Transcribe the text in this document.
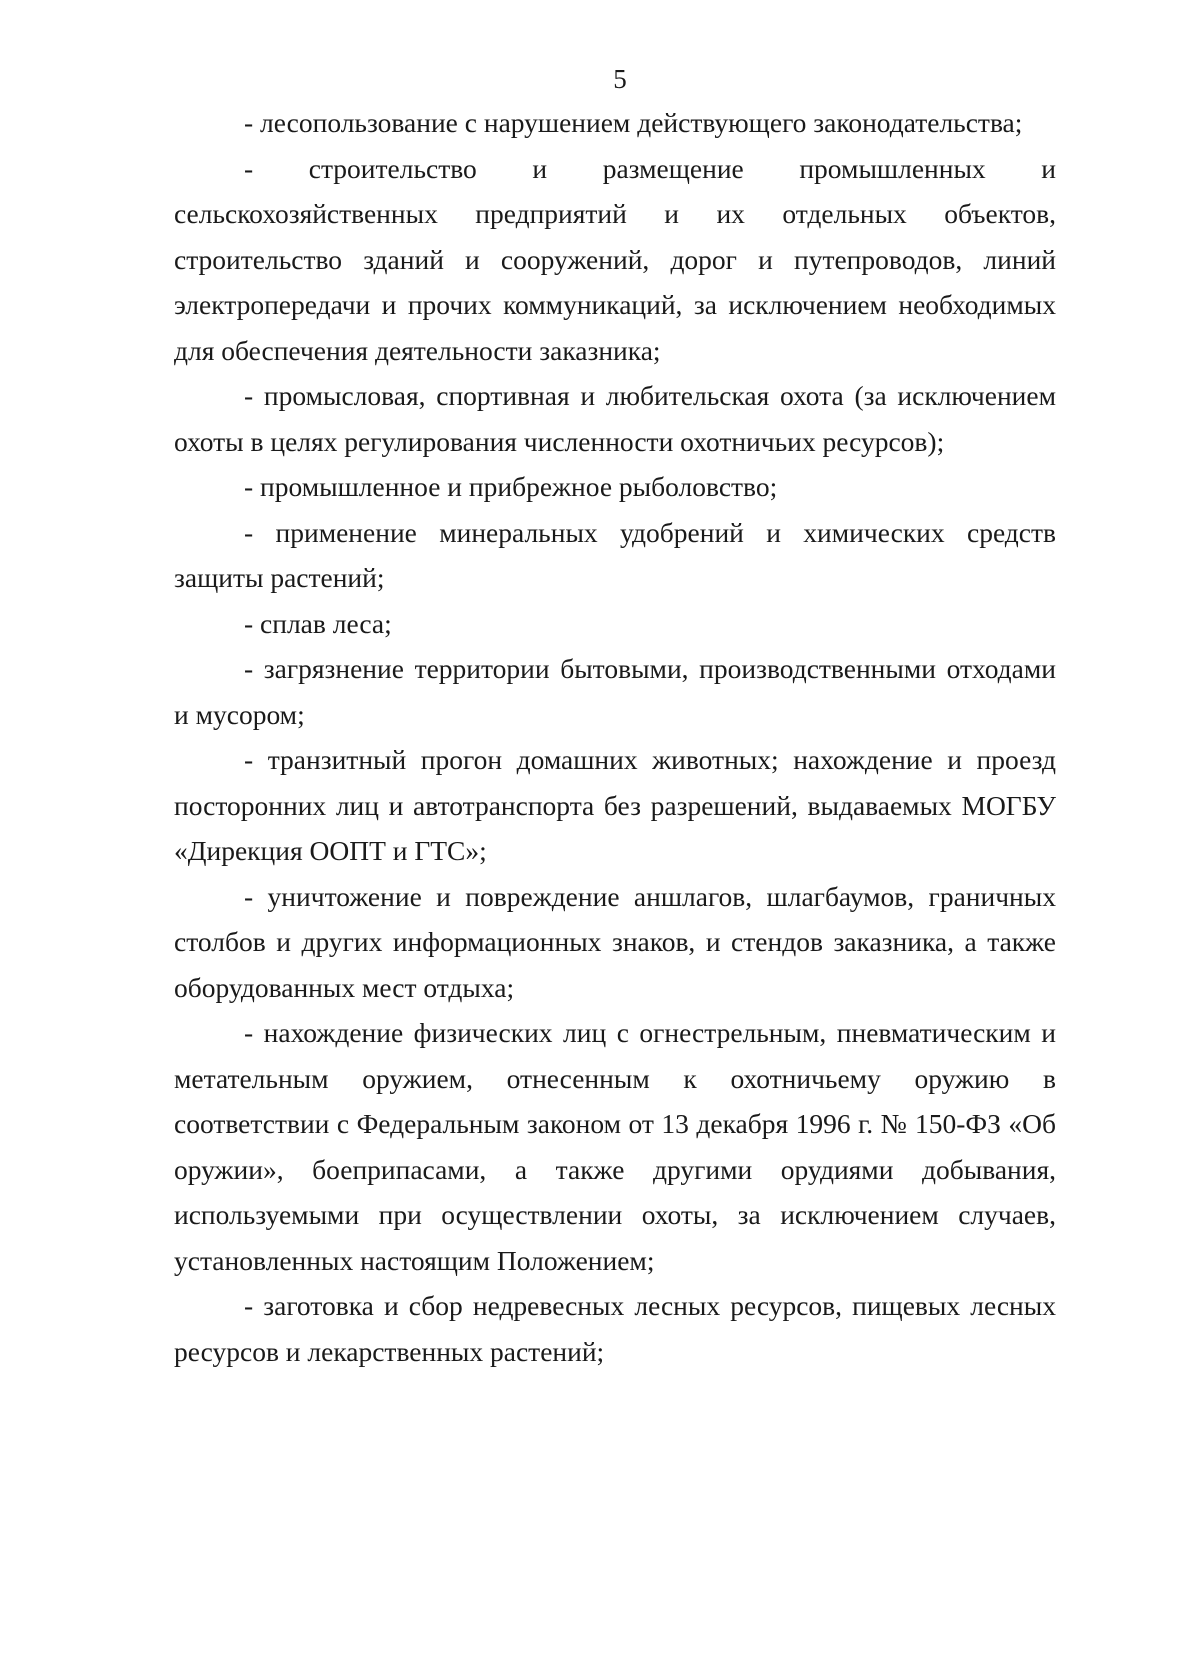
5

- лесопользование с нарушением действующего законодательства;

- строительство и размещение промышленных и сельскохозяйственных предприятий и их отдельных объектов, строительство зданий и сооружений, дорог и путепроводов, линий электропередачи и прочих коммуникаций, за исключением необходимых для обеспечения деятельности заказника;

- промысловая, спортивная и любительская охота (за исключением охоты в целях регулирования численности охотничьих ресурсов);

- промышленное и прибрежное рыболовство;

- применение минеральных удобрений и химических средств защиты растений;

- сплав леса;

- загрязнение территории бытовыми, производственными отходами и мусором;

- транзитный прогон домашних животных; нахождение и проезд посторонних лиц и автотранспорта без разрешений, выдаваемых МОГБУ «Дирекция ООПТ и ГТС»;

- уничтожение и повреждение аншлагов, шлагбаумов, граничных столбов и других информационных знаков, и стендов заказника, а также оборудованных мест отдыха;

- нахождение физических лиц с огнестрельным, пневматическим и метательным оружием, отнесенным к охотничьему оружию в соответствии с Федеральным законом от 13 декабря 1996 г. № 150-ФЗ «Об оружии», боеприпасами, а также другими орудиями добывания, используемыми при осуществлении охоты, за исключением случаев, установленных настоящим Положением;

- заготовка и сбор недревесных лесных ресурсов, пищевых лесных ресурсов и лекарственных растений;
